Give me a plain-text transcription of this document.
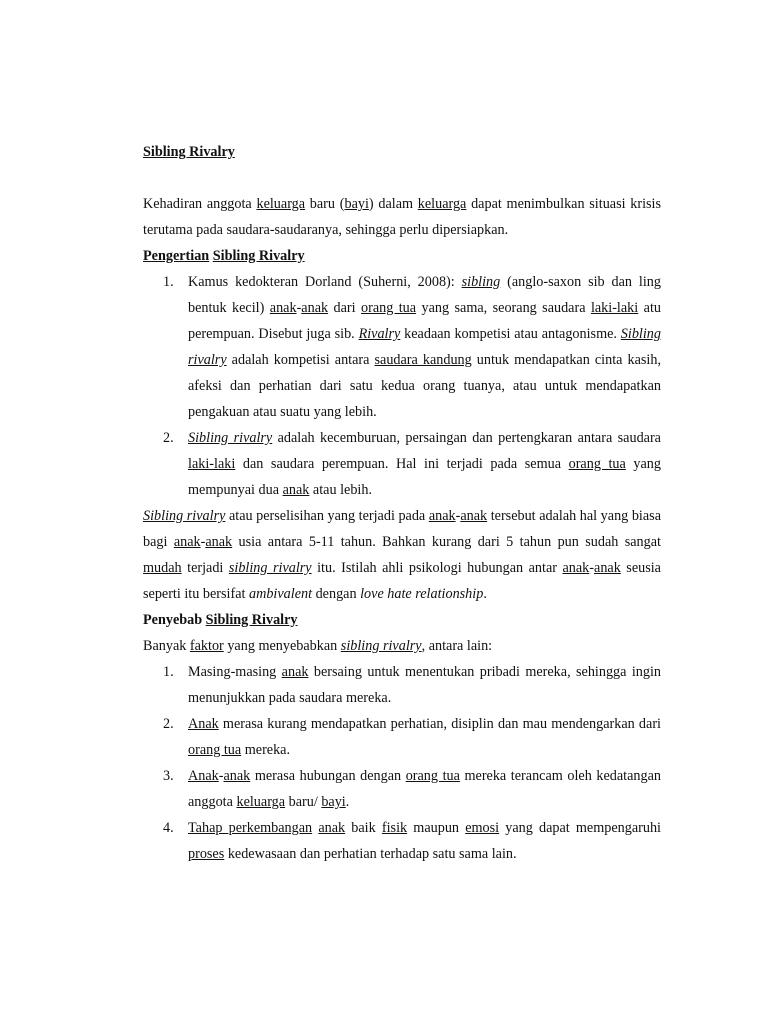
Sibling Rivalry

Kehadiran anggota keluarga baru (bayi) dalam keluarga dapat menimbulkan situasi krisis terutama pada saudara-saudaranya, sehingga perlu dipersiapkan.

Pengertian Sibling Rivalry

1. Kamus kedokteran Dorland (Suherni, 2008): sibling (anglo-saxon sib dan ling bentuk kecil) anak-anak dari orang tua yang sama, seorang saudara laki-laki atu perempuan. Disebut juga sib. Rivalry keadaan kompetisi atau antagonisme. Sibling rivalry adalah kompetisi antara saudara kandung untuk mendapatkan cinta kasih, afeksi dan perhatian dari satu kedua orang tuanya, atau untuk mendapatkan pengakuan atau suatu yang lebih.
2. Sibling rivalry adalah kecemburuan, persaingan dan pertengkaran antara saudara laki-laki dan saudara perempuan. Hal ini terjadi pada semua orang tua yang mempunyai dua anak atau lebih.

Sibling rivalry atau perselisihan yang terjadi pada anak-anak tersebut adalah hal yang biasa bagi anak-anak usia antara 5-11 tahun. Bahkan kurang dari 5 tahun pun sudah sangat mudah terjadi sibling rivalry itu. Istilah ahli psikologi hubungan antar anak-anak seusia seperti itu bersifat ambivalent dengan love hate relationship.

Penyebab Sibling Rivalry

Banyak faktor yang menyebabkan sibling rivalry, antara lain:

1. Masing-masing anak bersaing untuk menentukan pribadi mereka, sehingga ingin menunjukkan pada saudara mereka.
2. Anak merasa kurang mendapatkan perhatian, disiplin dan mau mendengarkan dari orang tua mereka.
3. Anak-anak merasa hubungan dengan orang tua mereka terancam oleh kedatangan anggota keluarga baru/ bayi.
4. Tahap perkembangan anak baik fisik maupun emosi yang dapat mempengaruhi proses kedewasaan dan perhatian terhadap satu sama lain.
